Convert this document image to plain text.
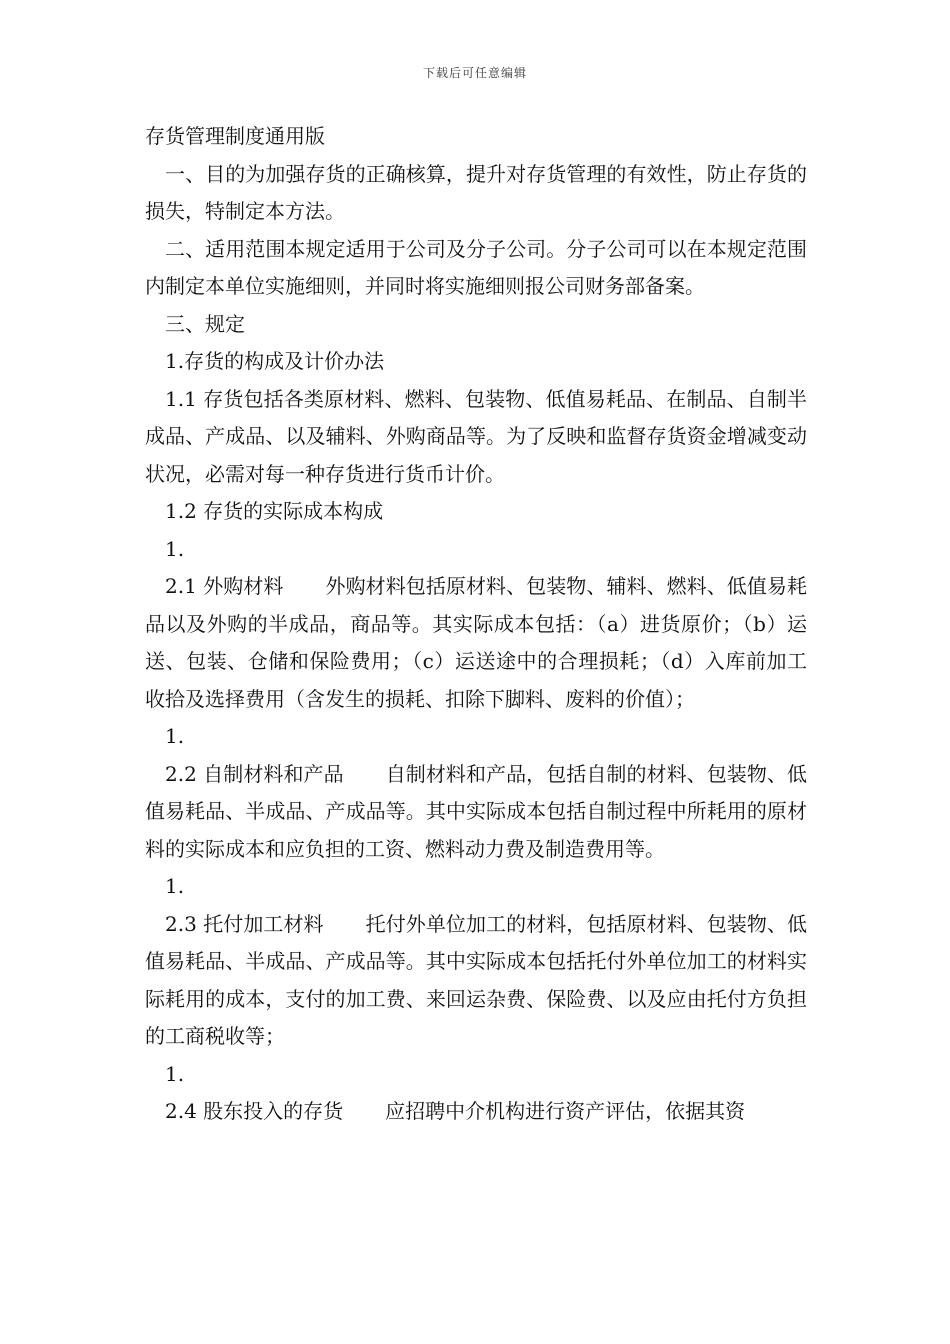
下载后可任意编辑

存货管理制度通用版

一、目的为加强存货的正确核算，提升对存货管理的有效性，防止存货的损失，特制定本方法。

二、适用范围本规定适用于公司及分子公司。分子公司可以在本规定范围内制定本单位实施细则，并同时将实施细则报公司财务部备案。

三、规定

1.存货的构成及计价办法

1.1 存货包括各类原材料、燃料、包装物、低值易耗品、在制品、自制半成品、产成品、以及辅料、外购商品等。为了反映和监督存货资金增减变动状况，必需对每一种存货进行货币计价。

1.2 存货的实际成本构成

1.

2.1 外购材料 外购材料包括原材料、包装物、辅料、燃料、低值易耗品以及外购的半成品，商品等。其实际成本包括：（a）进货原价；（b）运送、包装、仓储和保险费用；（c）运送途中的合理损耗；（d）入库前加工收拾及选择费用（含发生的损耗、扣除下脚料、废料的价值）；

1.

2.2 自制材料和产品 自制材料和产品，包括自制的材料、包装物、低值易耗品、半成品、产成品等。其中实际成本包括自制过程中所耗用的原材料的实际成本和应负担的工资、燃料动力费及制造费用等。

1.

2.3 托付加工材料 托付外单位加工的材料，包括原材料、包装物、低值易耗品、半成品、产成品等。其中实际成本包括托付外单位加工的材料实际耗用的成本，支付的加工费、来回运杂费、保险费、以及应由托付方负担的工商税收等；

1.

2.4 股东投入的存货 应招聘中介机构进行资产评估，依据其资
